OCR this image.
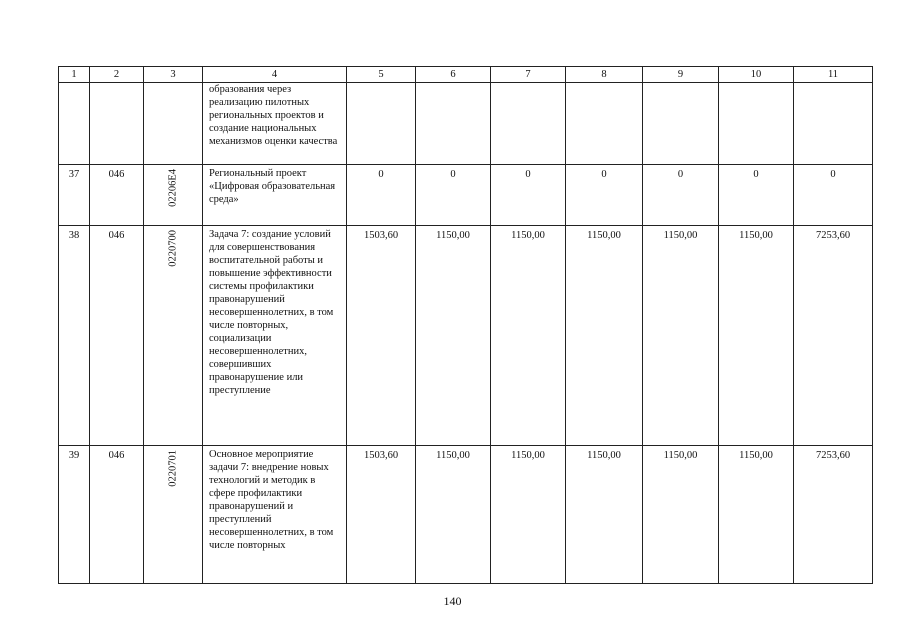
1	2	3	4	5	6	7	8	9	10	11
			образования через реализацию пилотных региональных проектов и создание национальных механизмов оценки качества							
37	046	02206E4	Региональный проект «Цифровая образовательная среда»	0	0	0	0	0	0	0
38	046	0220700	Задача 7: создание условий для совершенствования воспитательной работы и повышение эффективности системы профилактики правонарушений несовершеннолетних, в том числе повторных, социализации несовершеннолетних, совершивших правонарушение или преступление	1503,60	1150,00	1150,00	1150,00	1150,00	1150,00	7253,60
39	046	0220701	Основное мероприятие задачи 7: внедрение новых технологий и методик в сфере профилактики правонарушений и преступлений несовершеннолетних, в том числе повторных	1503,60	1150,00	1150,00	1150,00	1150,00	1150,00	7253,60
140
